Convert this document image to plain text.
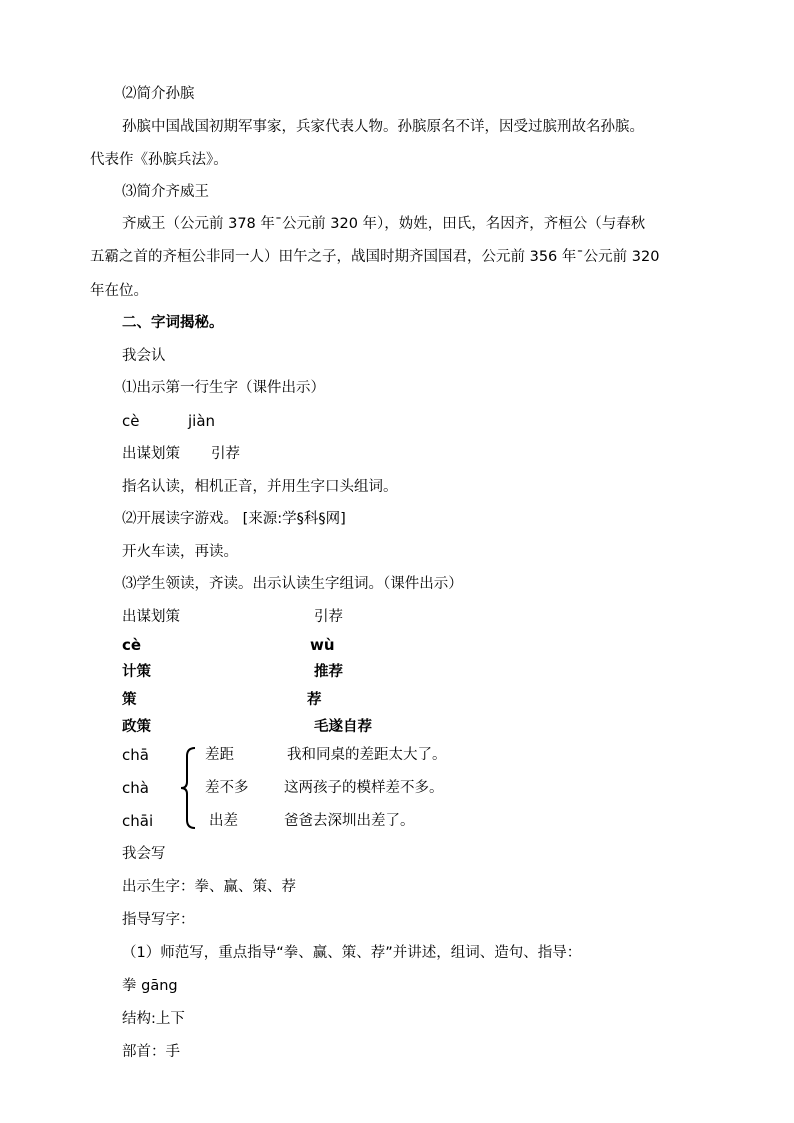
⑵简介孙膑
孙膑中国战国初期军事家，兵家代表人物。孙膑原名不详，因受过膑刑故名孙膑。
代表作《孙膑兵法》。
⑶简介齐威王
齐威王（公元前 378 年ˉ公元前 320 年），妫姓，田氏，名因齐，齐桓公（与春秋
五霸之首的齐桓公非同一人）田午之子，战国时期齐国国君，公元前 356 年ˉ公元前 320
年在位。
二、字词揭秘。
我会认
⑴出示第一行生字（课件出示）
cè	jiàn
出谋划策 引荐
指名认读，相机正音，并用生字口头组词。
⑵开展读字游戏。 [来源:学§科§网]
开火车读，再读。
⑶学生领读，齐读。出示认读生字组词。（课件出示）
出谋划策	引荐
cè	wù
计策	推荐
策	荐
政策	毛遂自荐
chā	差距	我和同桌的差距太大了。
chà	差不多 这两孩子的模样差不多。
chāi	出差	爸爸去深圳出差了。
我会写
出示生字：拳、赢、策、荐
指导写字：
（1）师范写，重点指导“拳、赢、策、荐”并讲述，组词、造句、指导：
拳 gāng
结构:上下
部首：手
